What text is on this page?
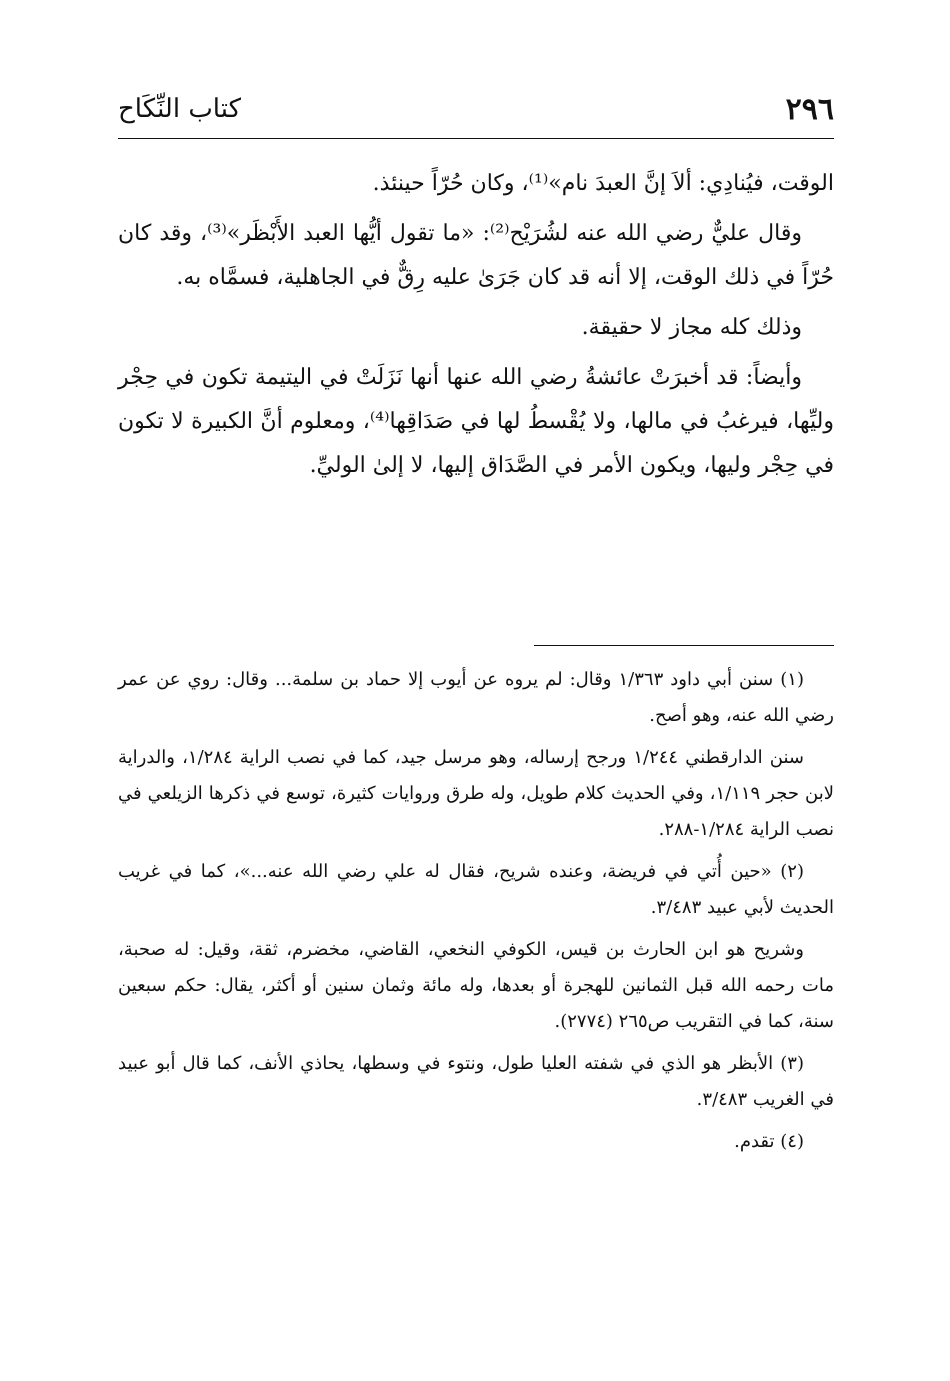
٢٩٦
كتاب النِّكَاح

الوقت، فيُنادِي: ألاَ إنَّ العبدَ نام»⁽¹⁾، وكان حُرّاً حينئذ.

وقال عليٌّ رضي الله عنه لشُرَيْح⁽²⁾: «ما تقول أيُّها العبد الأَبْظَر»⁽³⁾، وقد كان حُرّاً في ذلك الوقت، إلا أنه قد كان جَرَىٰ عليه رِقٌّ في الجاهلية، فسمَّاه به.

وذلك كله مجاز لا حقيقة.

وأيضاً: قد أخبرَتْ عائشةُ رضي الله عنها أنها نَزَلَتْ في اليتيمة تكون في حِجْر وليِّها، فيرغبُ في مالها، ولا يُقْسطُ لها في صَدَاقِها⁽⁴⁾، ومعلوم أنَّ الكبيرة لا تكون في حِجْر وليها، ويكون الأمر في الصَّدَاق إليها، لا إلىٰ الوليِّ.

(١) سنن أبي داود ١/٣٦٣ وقال: لم يروه عن أيوب إلا حماد بن سلمة... وقال: روي عن عمر رضي الله عنه، وهو أصح.

سنن الدارقطني ١/٢٤٤ ورجح إرساله، وهو مرسل جيد، كما في نصب الراية ١/٢٨٤، والدراية لابن حجر ١/١١٩، وفي الحديث كلام طويل، وله طرق وروايات كثيرة، توسع في ذكرها الزيلعي في نصب الراية ١/٢٨٤-٢٨٨.

(٢) «حين أُتي في فريضة، وعنده شريح، فقال له علي رضي الله عنه...»، كما في غريب الحديث لأبي عبيد ٣/٤٨٣.

وشريح هو ابن الحارث بن قيس، الكوفي النخعي، القاضي، مخضرم، ثقة، وقيل: له صحبة، مات رحمه الله قبل الثمانين للهجرة أو بعدها، وله مائة وثمان سنين أو أكثر، يقال: حكم سبعين سنة، كما في التقريب ص٢٦٥ (٢٧٧٤).

(٣) الأبظر هو الذي في شفته العليا طول، ونتوء في وسطها، يحاذي الأنف، كما قال أبو عبيد في الغريب ٣/٤٨٣.

(٤) تقدم.
